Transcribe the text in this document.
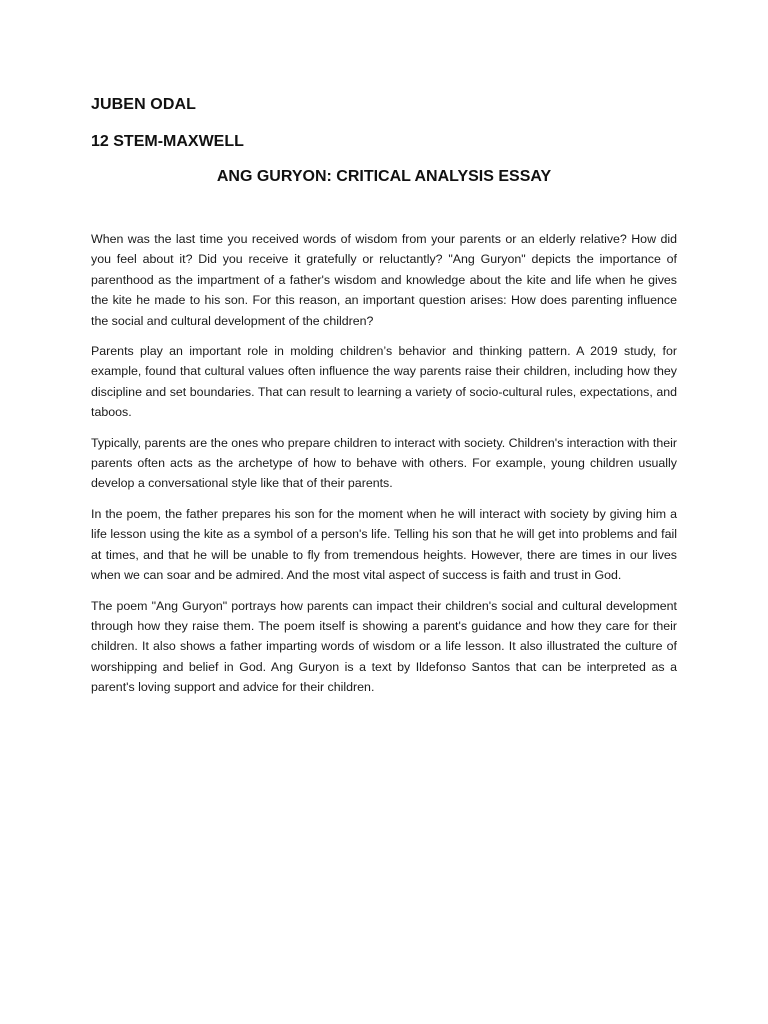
JUBEN ODAL
12 STEM-MAXWELL
ANG GURYON: CRITICAL ANALYSIS ESSAY

When was the last time you received words of wisdom from your parents or an elderly relative? How did you feel about it? Did you receive it gratefully or reluctantly? "Ang Guryon" depicts the importance of parenthood as the impartment of a father's wisdom and knowledge about the kite and life when he gives the kite he made to his son. For this reason, an important question arises: How does parenting influence the social and cultural development of the children?

Parents play an important role in molding children’s behavior and thinking pattern. A 2019 study, for example, found that cultural values often influence the way parents raise their children, including how they discipline and set boundaries. That can result to learning a variety of socio-cultural rules, expectations, and taboos.

Typically, parents are the ones who prepare children to interact with society. Children's interaction with their parents often acts as the archetype of how to behave with others. For example, young children usually develop a conversational style like that of their parents.

In the poem, the father prepares his son for the moment when he will interact with society by giving him a life lesson using the kite as a symbol of a person's life. Telling his son that he will get into problems and fail at times, and that he will be unable to fly from tremendous heights. However, there are times in our lives when we can soar and be admired. And the most vital aspect of success is faith and trust in God.

The poem "Ang Guryon" portrays how parents can impact their children's social and cultural development through how they raise them. The poem itself is showing a parent's guidance and how they care for their children. It also shows a father imparting words of wisdom or a life lesson. It also illustrated the culture of worshipping and belief in God. Ang Guryon is a text by Ildefonso Santos that can be interpreted as a parent's loving support and advice for their children.
